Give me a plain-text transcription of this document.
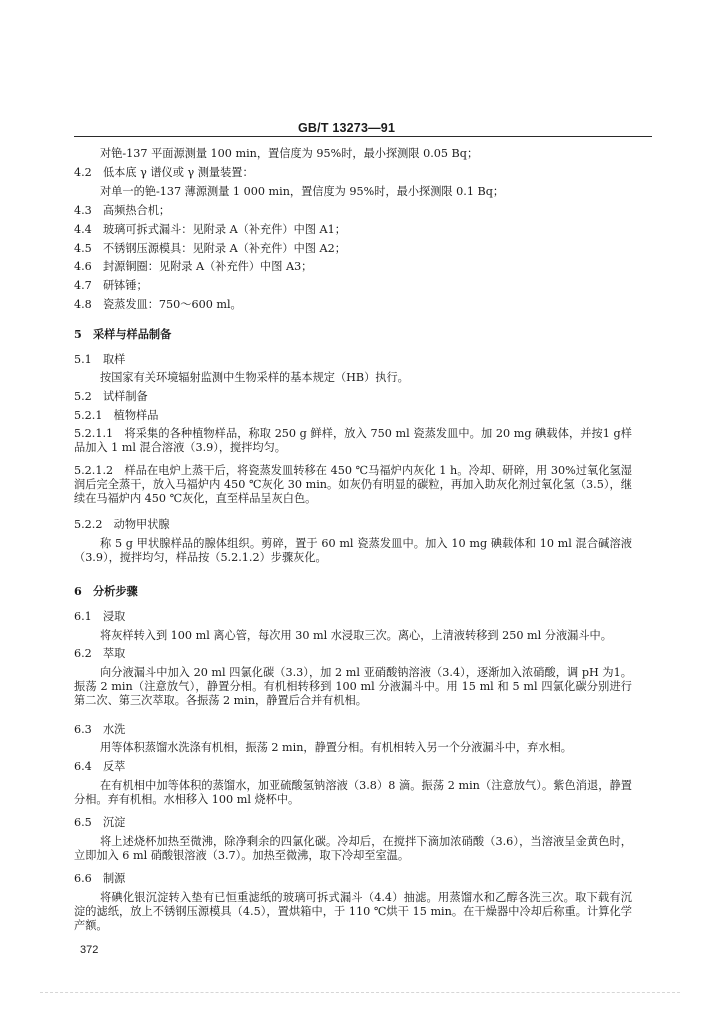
GB/T 13273—91
对铯-137 平面源测量 100 min，置信度为 95%时，最小探测限 0.05 Bq；
4.2　低本底 γ 谱仪或 γ 测量装置：
对单一的铯-137 薄源测量 1 000 min，置信度为 95%时，最小探测限 0.1 Bq；
4.3　高频热合机；
4.4　玻璃可拆式漏斗：见附录 A（补充件）中图 A1；
4.5　不锈钢压源模具：见附录 A（补充件）中图 A2；
4.6　封源铜圈：见附录 A（补充件）中图 A3；
4.7　研钵锤；
4.8　瓷蒸发皿：750～600 ml。
5　采样与样品制备
5.1　取样
按国家有关环境辐射监测中生物采样的基本规定（HB）执行。
5.2　试样制备
5.2.1　植物样品
5.2.1.1　将采集的各种植物样品，称取 250 g 鲜样，放入 750 ml 瓷蒸发皿中。加 20 mg 碘载体，并按1 g样品加入 1 ml 混合溶液（3.9），搅拌均匀。
5.2.1.2　样品在电炉上蒸干后，将瓷蒸发皿转移在 450 ℃马福炉内灰化 1 h。冷却、研碎，用 30%过氧化氢湿润后完全蒸干，放入马福炉内 450 ℃灰化 30 min。如灰仍有明显的碳粒，再加入助灰化剂过氧化氢（3.5），继续在马福炉内 450 ℃灰化，直至样品呈灰白色。
5.2.2　动物甲状腺
称 5 g 甲状腺样品的腺体组织。剪碎，置于 60 ml 瓷蒸发皿中。加入 10 mg 碘载体和 10 ml 混合碱溶液（3.9），搅拌均匀，样品按（5.2.1.2）步骤灰化。
6　分析步骤
6.1　浸取
将灰样转入到 100 ml 离心管，每次用 30 ml 水浸取三次。离心，上清液转移到 250 ml 分液漏斗中。
6.2　萃取
向分液漏斗中加入 20 ml 四氯化碳（3.3），加 2 ml 亚硝酸钠溶液（3.4），逐渐加入浓硝酸，调 pH 为1。振荡 2 min（注意放气），静置分相。有机相转移到 100 ml 分液漏斗中。用 15 ml 和 5 ml 四氯化碳分别进行第二次、第三次萃取。各振荡 2 min，静置后合并有机相。
6.3　水洗
用等体积蒸馏水洗涤有机相，振荡 2 min，静置分相。有机相转入另一个分液漏斗中，弃水相。
6.4　反萃
在有机相中加等体积的蒸馏水，加亚硫酸氢钠溶液（3.8）8 滴。振荡 2 min（注意放气）。紫色消退，静置分相。弃有机相。水相移入 100 ml 烧杯中。
6.5　沉淀
将上述烧杯加热至微沸，除净剩余的四氯化碳。冷却后，在搅拌下滴加浓硝酸（3.6），当溶液呈金黄色时，立即加入 6 ml 硝酸银溶液（3.7）。加热至微沸，取下冷却至室温。
6.6　制源
将碘化银沉淀转入垫有已恒重滤纸的玻璃可拆式漏斗（4.4）抽滤。用蒸馏水和乙醇各洗三次。取下载有沉淀的滤纸，放上不锈钢压源模具（4.5），置烘箱中，于 110 ℃烘干 15 min。在干燥器中冷却后称重。计算化学产额。
372
